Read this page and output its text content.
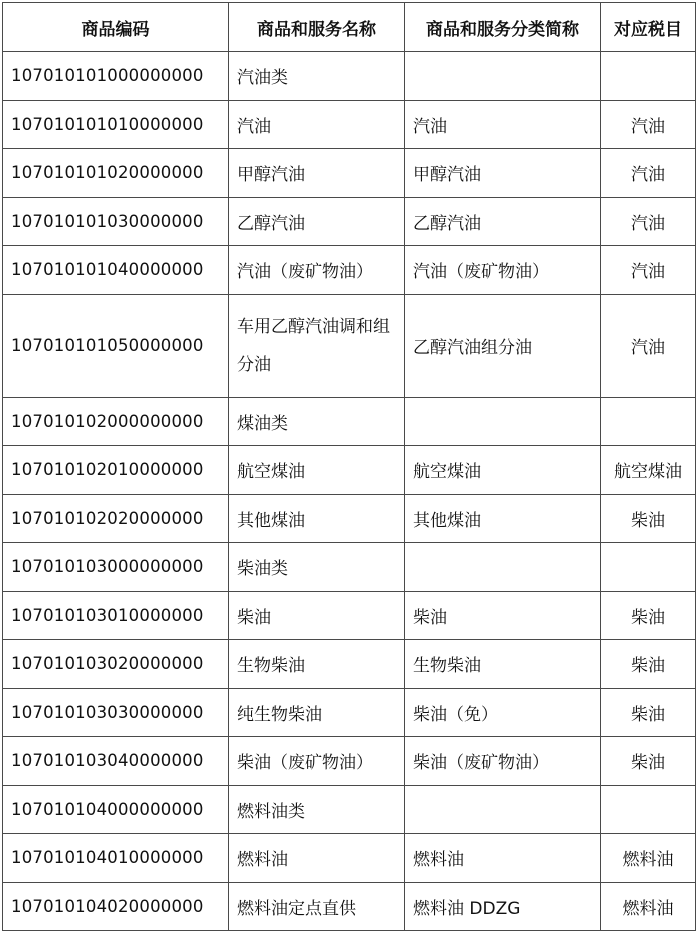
商品编码	商品和服务名称	商品和服务分类简称	对应税目
107010101000000000	汽油类		
107010101010000000	汽油	汽油	汽油
107010101020000000	甲醇汽油	甲醇汽油	汽油
107010101030000000	乙醇汽油	乙醇汽油	汽油
107010101040000000	汽油（废矿物油）	汽油（废矿物油）	汽油
107010101050000000	车用乙醇汽油调和组分油	乙醇汽油组分油	汽油
107010102000000000	煤油类		
107010102010000000	航空煤油	航空煤油	航空煤油
107010102020000000	其他煤油	其他煤油	柴油
107010103000000000	柴油类		
107010103010000000	柴油	柴油	柴油
107010103020000000	生物柴油	生物柴油	柴油
107010103030000000	纯生物柴油	柴油（免）	柴油
107010103040000000	柴油（废矿物油）	柴油（废矿物油）	柴油
107010104000000000	燃料油类		
107010104010000000	燃料油	燃料油	燃料油
107010104020000000	燃料油定点直供	燃料油 DDZG	燃料油
